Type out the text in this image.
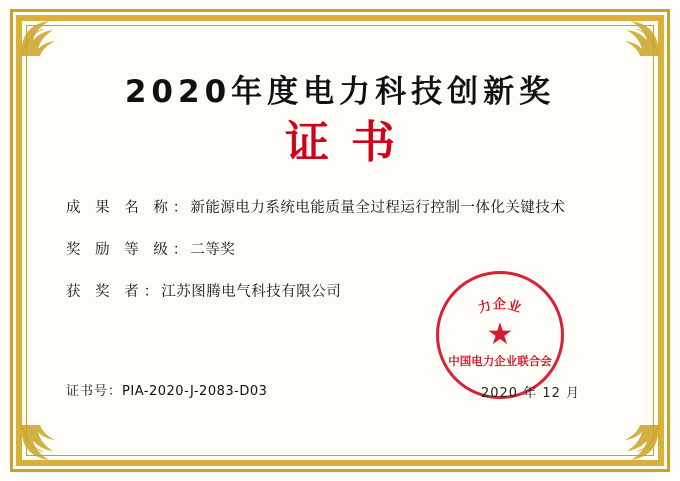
2020年度电力科技创新奖
证书
成 果 名 称 ： 新能源电力系统电能质量全过程运行控制一体化关键技术
奖 励 等 级 ： 二等奖
获 奖 者 ： 江苏图腾电气科技有限公司
证书号：PIA-2020-J-2083-D03
力企业
★
中国电力企业联合会
2020 年 12 月
